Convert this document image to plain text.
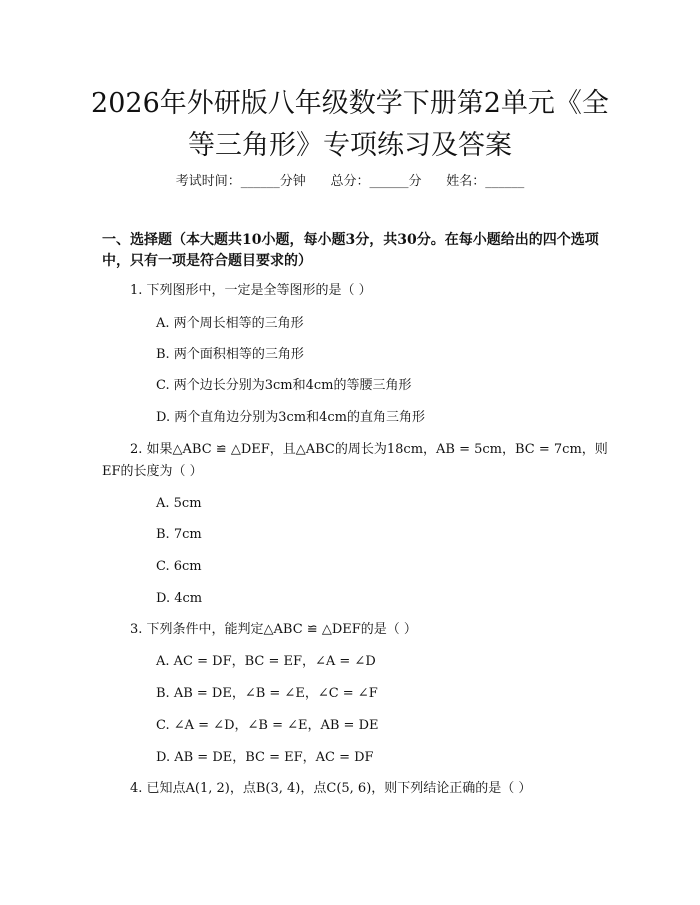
2026年外研版八年级数学下册第2单元《全等三角形》专项练习及答案
考试时间：______分钟      总分：______分      姓名：______
一、选择题（本大题共10小题，每小题3分，共30分。在每小题给出的四个选项中，只有一项是符合题目要求的）
1. 下列图形中，一定是全等图形的是（ ）
A. 两个周长相等的三角形
B. 两个面积相等的三角形
C. 两个边长分别为3cm和4cm的等腰三角形
D. 两个直角边分别为3cm和4cm的直角三角形
2. 如果△ABC ≌ △DEF，且△ABC的周长为18cm，AB = 5cm，BC = 7cm，则EF的长度为（ ）
A. 5cm
B. 7cm
C. 6cm
D. 4cm
3. 下列条件中，能判定△ABC ≌ △DEF的是（ ）
A. AC = DF，BC = EF，∠A = ∠D
B. AB = DE，∠B = ∠E，∠C = ∠F
C. ∠A = ∠D，∠B = ∠E，AB = DE
D. AB = DE，BC = EF，AC = DF
4. 已知点A(1, 2)，点B(3, 4)，点C(5, 6)，则下列结论正确的是（ ）
